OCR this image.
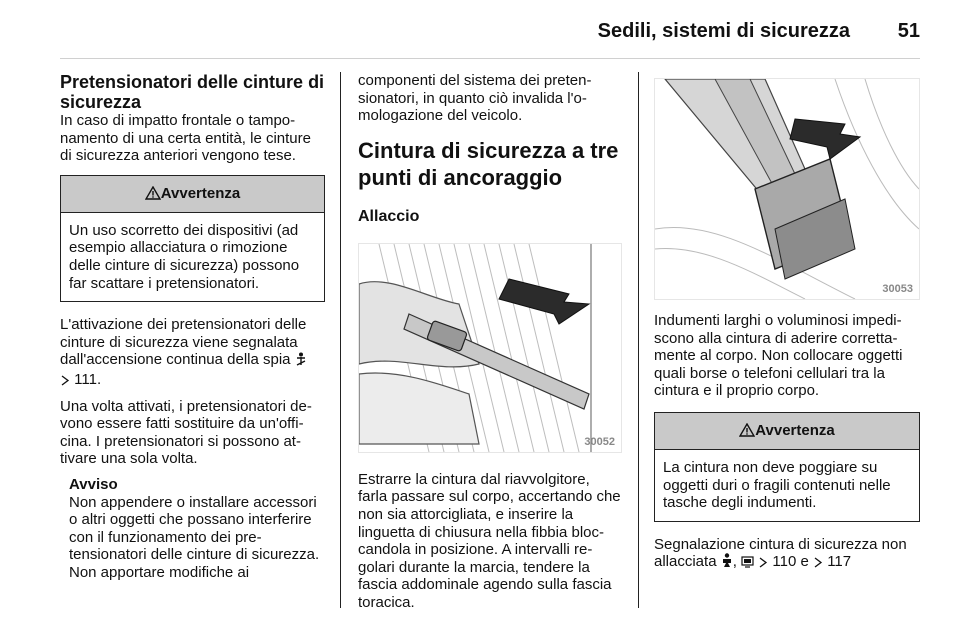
Sedili, sistemi di sicurezza 51
Pretensionatori delle cinture di sicurezza
In caso di impatto frontale o tamponamento di una certa entità, le cinture di sicurezza anteriori vengono tese.
Avvertenza
Un uso scorretto dei dispositivi (ad esempio allacciatura o rimozione delle cinture di sicurezza) possono far scattare i pretensionatori.
L'attivazione dei pretensionatori delle cinture di sicurezza viene segnalata dall'accensione continua della spia
111.
Una volta attivati, i pretensionatori devono essere fatti sostituire da un'officina. I pretensionatori si possono attivare una sola volta.
Avviso
Non appendere o installare accessori o altri oggetti che possano interferire con il funzionamento dei pretensionatori delle cinture di sicurezza. Non apportare modifiche ai
componenti del sistema dei pretensionatori, in quanto ciò invalida l'omologazione del veicolo.
Cintura di sicurezza a tre punti di ancoraggio
Allaccio
30052
Estrarre la cintura dal riavvolgitore, farla passare sul corpo, accertando che non sia attorcigliata, e inserire la linguetta di chiusura nella fibbia bloccandola in posizione. A intervalli regolari durante la marcia, tendere la fascia addominale agendo sulla fascia toracica.
30053
Indumenti larghi o voluminosi impediscono alla cintura di aderire correttamente al corpo. Non collocare oggetti quali borse o telefoni cellulari tra la cintura e il proprio corpo.
Avvertenza
La cintura non deve poggiare su oggetti duri o fragili contenuti nelle tasche degli indumenti.
Segnalazione cintura di sicurezza non allacciata ,   110 e 117
